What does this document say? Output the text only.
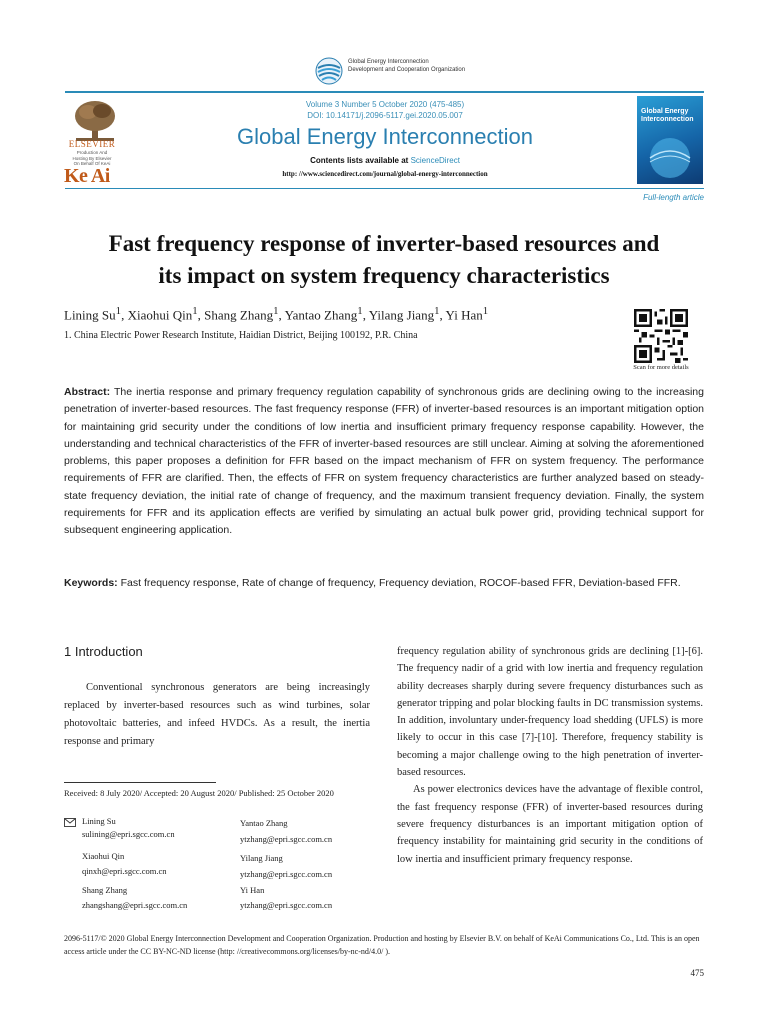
Global Energy Interconnection
Development and Cooperation Organization
ELSEVIER
Production And
Hosting By Elsevier
On Behalf Of KeAi
Ke Ai
Volume 3 Number 5 October 2020 (475-485)
DOI: 10.14171/j.2096-5117.gei.2020.05.007
Global Energy Interconnection
Contents lists available at ScienceDirect
http: //www.sciencedirect.com/journal/global-energy-interconnection
Global Energy Interconnection
Full-length article
Fast frequency response of inverter-based resources and
its impact on system frequency characteristics
Lining Su$^1$, Xiaohui Qin$^1$, Shang Zhang$^1$, Yantao Zhang$^1$, Yilang Jiang$^1$, Yi Han$^1$
1. China Electric Power Research Institute, Haidian District, Beijing 100192, P.R. China
Scan for more details
Abstract: The inertia response and primary frequency regulation capability of synchronous grids are declining owing to the increasing penetration of inverter-based resources. The fast frequency response (FFR) of inverter-based resources is an important mitigation option for maintaining grid security under the conditions of low inertia and insufficient primary frequency response capability. However, the understanding and technical characteristics of the FFR of inverter-based resources are still unclear. Aiming at solving the aforementioned problems, this paper proposes a definition for FFR based on the impact mechanism of FFR on system frequency. The performance requirements of FFR are clarified. Then, the effects of FFR on system frequency characteristics are further analyzed based on steady-state frequency deviation, the initial rate of change of frequency, and the maximum transient frequency deviation. Finally, the system requirements for FFR and its application effects are verified by simulating an actual bulk power grid, providing technical support for subsequent engineering application.
Keywords: Fast frequency response, Rate of change of frequency, Frequency deviation, ROCOF-based FFR, Deviation-based FFR.
1 Introduction
Conventional synchronous generators are being increasingly replaced by inverter-based resources such as wind turbines, solar photovoltaic batteries, and infeed HVDCs. As a result, the inertia response and primary

frequency regulation ability of synchronous grids are declining [1]-[6]. The frequency nadir of a grid with low inertia and frequency regulation ability decreases sharply during severe frequency disturbances such as generator tripping and polar blocking faults in DC transmission systems. In addition, involuntary under-frequency load shedding (UFLS) is more likely to occur in this case [7]-[10]. Therefore, frequency stability is becoming a major challenge owing to the high penetration of inverter-based resources.

As power electronics devices have the advantage of flexible control, the fast frequency response (FFR) of inverter-based resources during severe frequency disturbances is an important mitigation option of frequency instability for maintaining grid security in the conditions of low inertia and insufficient primary frequency response.

Received: 8 July 2020/ Accepted: 20 August 2020/ Published: 25 October 2020
Lining Su
sulining@epri.sgcc.com.cn
Yantao Zhang
ytzhang@epri.sgcc.com.cn
Xiaohui Qin
qinxh@epri.sgcc.com.cn
Yilang Jiang
ytzhang@epri.sgcc.com.cn
Shang Zhang
zhangshang@epri.sgcc.com.cn
Yi Han
ytzhang@epri.sgcc.com.cn
2096-5117/© 2020 Global Energy Interconnection Development and Cooperation Organization. Production and hosting by Elsevier B.V. on behalf of KeAi Communications Co., Ltd. This is an open access article under the CC BY-NC-ND license (http: //creativecommons.org/licenses/by-nc-nd/4.0/ ).
475
